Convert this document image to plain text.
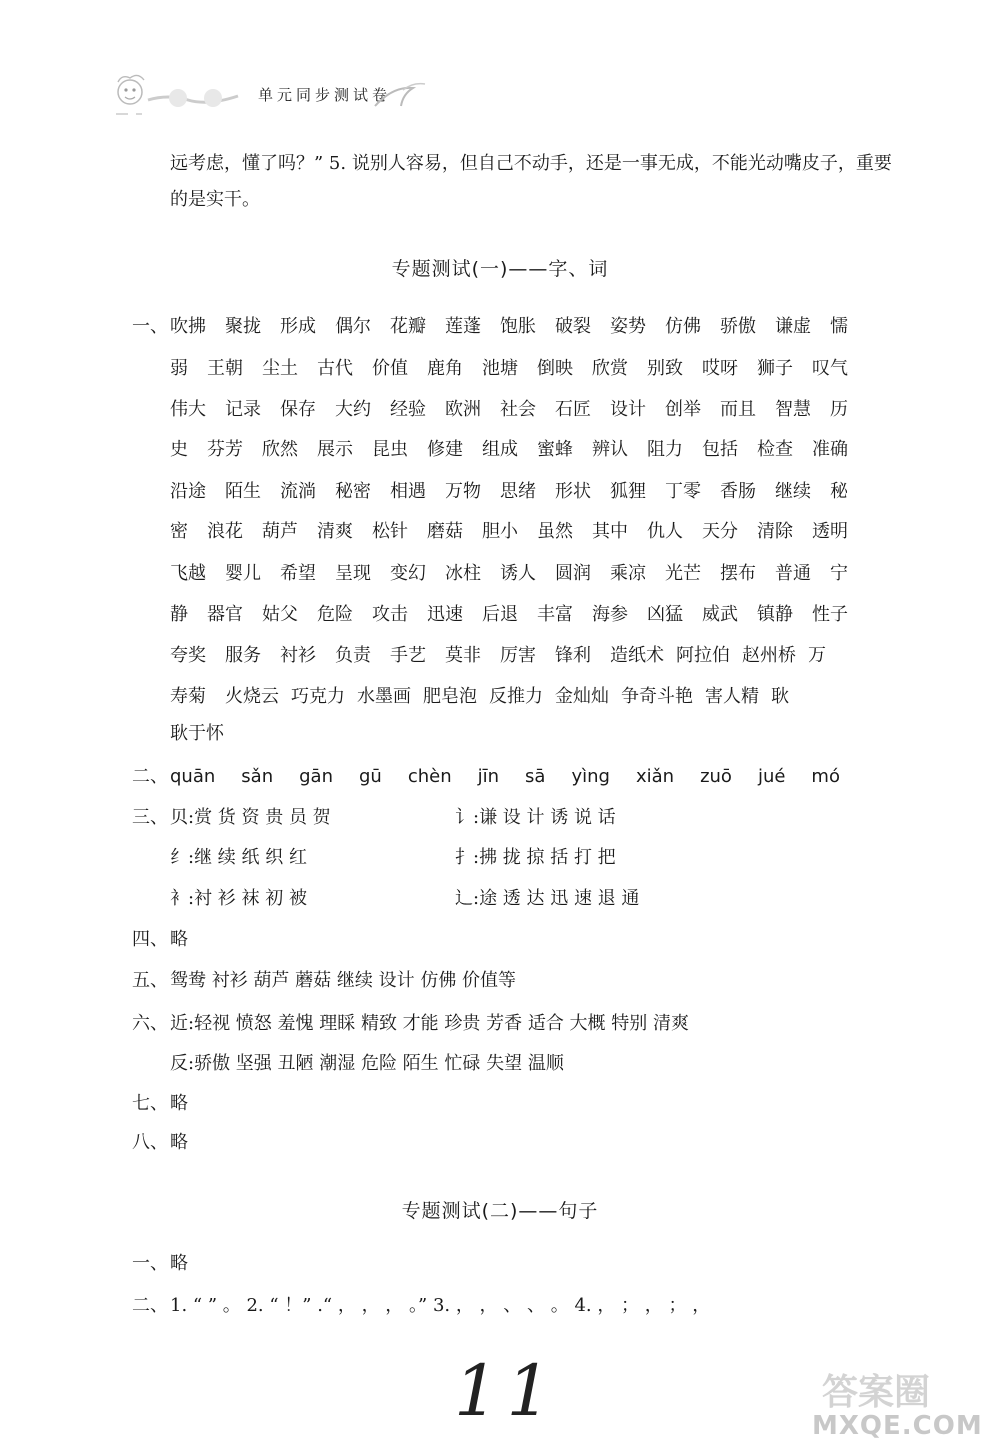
单元同步测试卷
远考虑，懂了吗？” 5. 说别人容易，但自己不动手，还是一事无成，不能光动嘴皮子，重要
的是实干。
专题测试(一)——字、词
一、 吹拂 聚拢 形成 偶尔 花瓣 莲蓬 饱胀 破裂 姿势 仿佛 骄傲 谦虚 懦
弱 王朝 尘土 古代 价值 鹿角 池塘 倒映 欣赏 别致 哎呀 狮子 叹气
伟大 记录 保存 大约 经验 欧洲 社会 石匠 设计 创举 而且 智慧 历
史 芬芳 欣然 展示 昆虫 修建 组成 蜜蜂 辨认 阻力 包括 检查 准确
沿途 陌生 流淌 秘密 相遇 万物 思绪 形状 狐狸 丁零 香肠 继续 秘
密 浪花 葫芦 清爽 松针 磨菇 胆小 虽然 其中 仇人 天分 清除 透明
飞越 婴儿 希望 呈现 变幻 冰柱 诱人 圆润 乘凉 光芒 摆布 普通 宁
静 器官 姑父 危险 攻击 迅速 后退 丰富 海参 凶猛 威武 镇静 性子
夸奖 服务 衬衫 负责 手艺 莫非 厉害 锋利 造纸术 阿拉伯 赵州桥 万
寿菊 火烧云 巧克力 水墨画 肥皂泡 反推力 金灿灿 争奇斗艳 害人精 耿
耿于怀
二、 quān sǎn gān gū chèn jīn sā yìng xiǎn zuō jué mó
三、 贝:赏 货 资 贵 员 贺	讠:谦 设 计 诱 说 话
纟:继 续 纸 织 红	扌:拂 拢 掠 括 打 把
衤:衬 衫 袜 初 被	辶:途 透 达 迅 速 退 通
四、 略
五、 鸳鸯 衬衫 葫芦 蘑菇 继续 设计 仿佛 价值等
六、 近:轻视 愤怒 羞愧 理睬 精致 才能 珍贵 芳香 适合 大概 特别 清爽
反:骄傲 坚强 丑陋 潮湿 危险 陌生 忙碌 失望 温顺
七、 略
八、 略
专题测试(二)——句子
一、 略
二、 1. “ ” 。 2. “ ！” .“ ， ， ， 。” 3. ， ， 、 、 。 4. ， ； ， ； ，
11	答案圈
MXQE.COM
